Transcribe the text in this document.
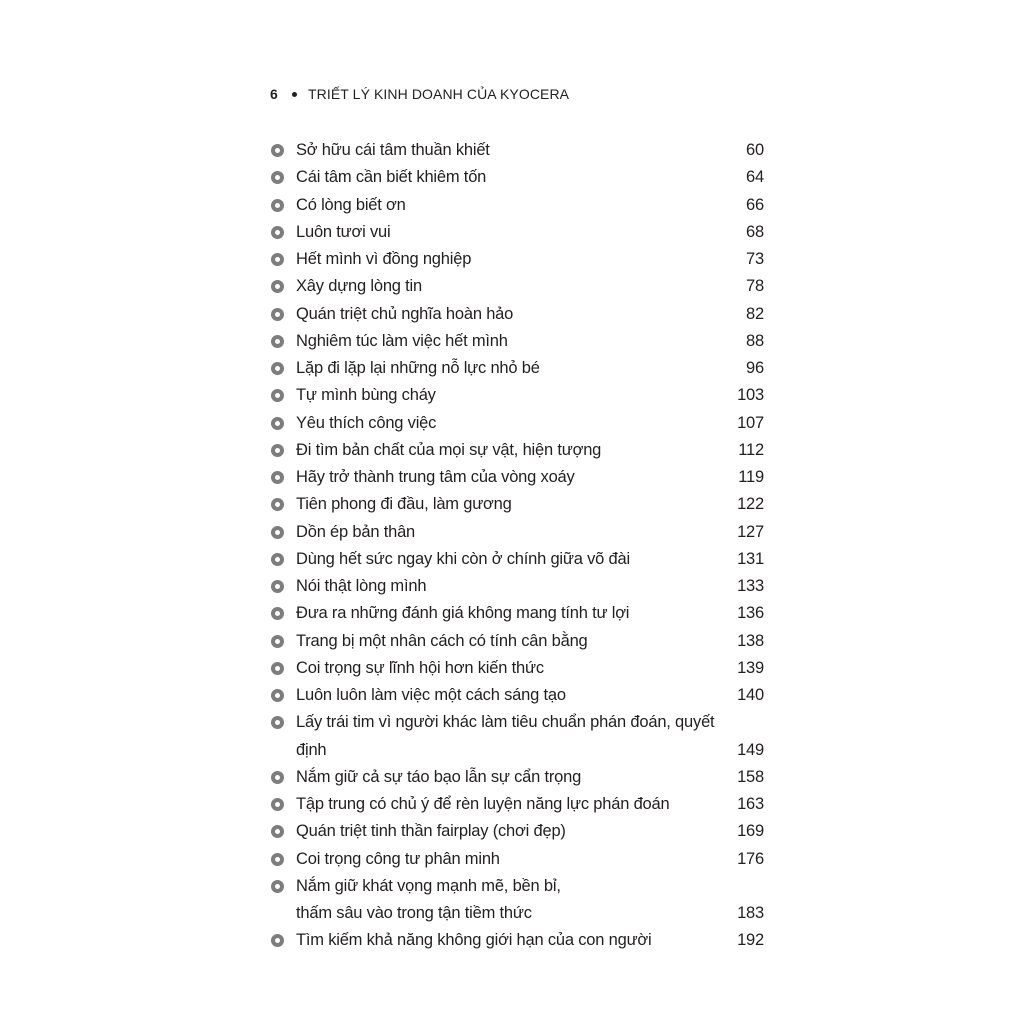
6	TRIẾT LÝ KINH DOANH CỦA KYOCERA
Sở hữu cái tâm thuần khiết	60
Cái tâm cần biết khiêm tốn	64
Có lòng biết ơn	66
Luôn tươi vui	68
Hết mình vì đồng nghiệp	73
Xây dựng lòng tin	78
Quán triệt chủ nghĩa hoàn hảo	82
Nghiêm túc làm việc hết mình	88
Lặp đi lặp lại những nỗ lực nhỏ bé	96
Tự mình bùng cháy	103
Yêu thích công việc	107
Đi tìm bản chất của mọi sự vật, hiện tượng	112
Hãy trở thành trung tâm của vòng xoáy	119
Tiên phong đi đầu, làm gương	122
Dồn ép bản thân	127
Dùng hết sức ngay khi còn ở chính giữa võ đài	131
Nói thật lòng mình	133
Đưa ra những đánh giá không mang tính tư lợi	136
Trang bị một nhân cách có tính cân bằng	138
Coi trọng sự lĩnh hội hơn kiến thức	139
Luôn luôn làm việc một cách sáng tạo	140
Lấy trái tim vì người khác làm tiêu chuẩn phán đoán, quyết định	149
Nắm giữ cả sự táo bạo lẫn sự cẩn trọng	158
Tập trung có chủ ý để rèn luyện năng lực phán đoán	163
Quán triệt tinh thần fairplay (chơi đẹp)	169
Coi trọng công tư phân minh	176
Nắm giữ khát vọng mạnh mẽ, bền bỉ,
thấm sâu vào trong tận tiềm thức	183
Tìm kiếm khả năng không giới hạn của con người	192
